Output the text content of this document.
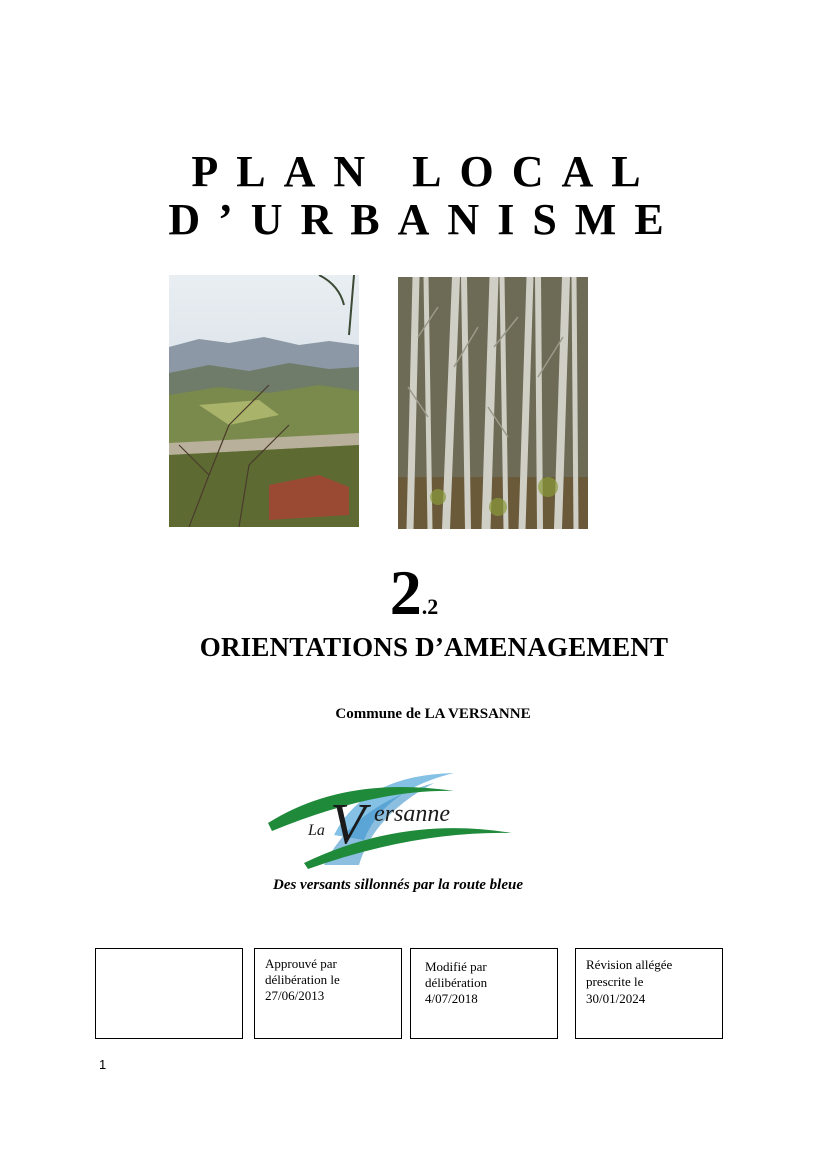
PLAN LOCAL
D’URBANISME
2.2
ORIENTATIONS D’AMENAGEMENT
Commune de LA VERSANNE
La V ersanne
Des versants sillonnés par la route bleue
Approuvé par
délibération le
27/06/2013
Modifié par
délibération
4/07/2018
Révision allégée
prescrite le
30/01/2024
1
